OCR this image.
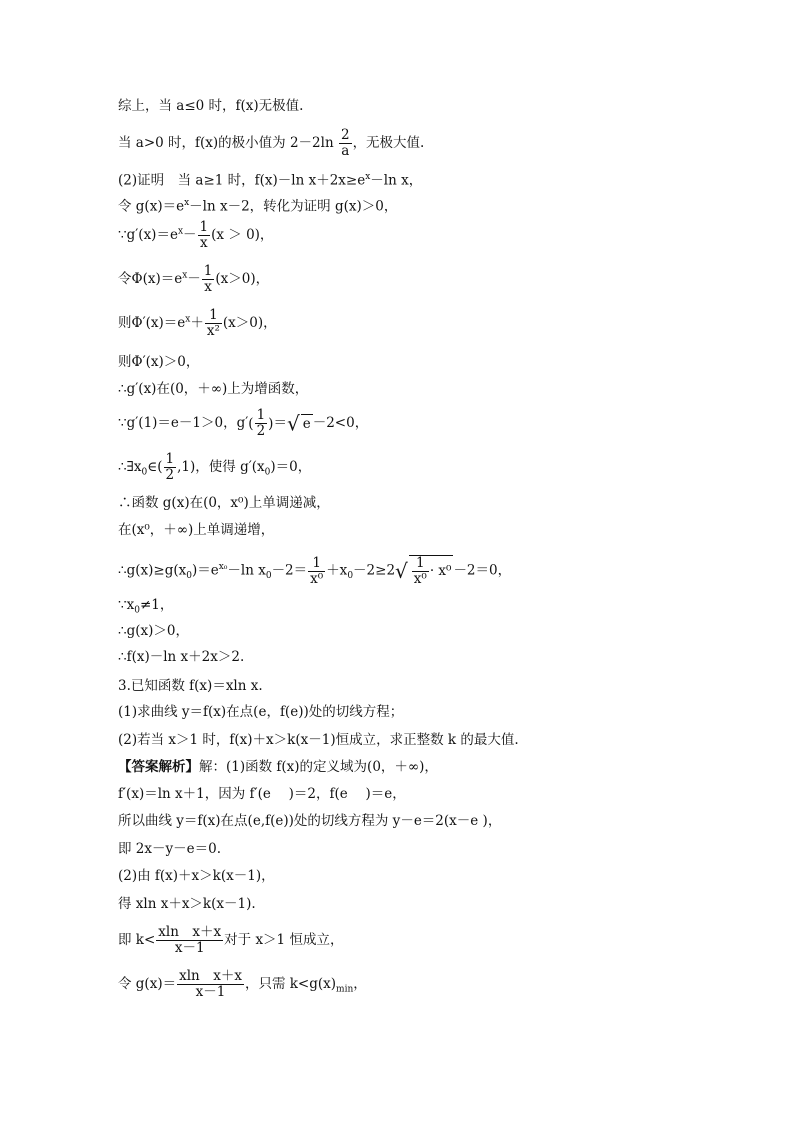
综上，当 a≤0 时，f(x)无极值.
当 a>0 时，f(x)的极小值为 $2-2\ln \frac{2}{a}$ ，无极大值.
(2)证明　当 a≥1 时，f(x)－ln $x+2x\ge e^x-\ln$ x，
令 $g(x)=e^x-\ln$ x－2，转化为证明 g(x)＞0，
$\because g'(x)=e^x- \frac{1}{x} (x > 0)$，
令$\Phi(x)=e^x- \frac{1}{x} (x>0)$，
则$\Phi'(x)=e^x+ \frac{1}{\text{x²}} (x>0)$，
则Φ′(x)＞0，
∴g′(x)在(0，＋∞)上为增函数，
∵g′(1)＝e－1＞0，$g'( \frac{1}{2}$ )＝√ e －2<0，
$\therefore\exists x_0\in( \frac{1}{2} ,1)$，使得 $g'(x_0)=0$，
∴函数 g(x)在(0，x⁰)上单调递减，
在(x⁰，＋∞)上单调递增，
$\therefore g(x)\ge g(x_0)=e^{x_0}-\ln$ $x_0-2= \frac{1}{\text{x⁰}} +x_0-2\ge 2√ \frac{1}{\text{x⁰}} \cdot x^0 -2=0$，
$\because x_0\ne 1$，
∴g(x)＞0，
∴f(x)－ln x＋2x＞2.
3.已知函数 f(x)＝xln x.
(1)求曲线 y＝f(x)在点(e，f(e))处的切线方程；
(2)若当 x＞1 时，f(x)＋x＞k(x－1)恒成立，求正整数 k 的最大值.
【答案解析】解：(1)函数 f(x)的定义域为(0，＋∞)，
f′(x)＝ln x＋1，因为 f′(e　 )＝2，f(e　 )＝e，
所以曲线 y＝f(x)在点(e,f(e))处的切线方程为 y－e＝2(x－e )，
即 2x－y－e＝0.
(2)由 f(x)＋x＞k(x－1)，
得 xln x＋x＞k(x－1).
即 $k< \frac{\text{xln　x＋x}}{x-1}$ 对于 x＞1 恒成立，
令 $g(x)= \frac{\text{xln　x＋x}}{x-1}$ ，只需 $k<g(x)_{min}$，
